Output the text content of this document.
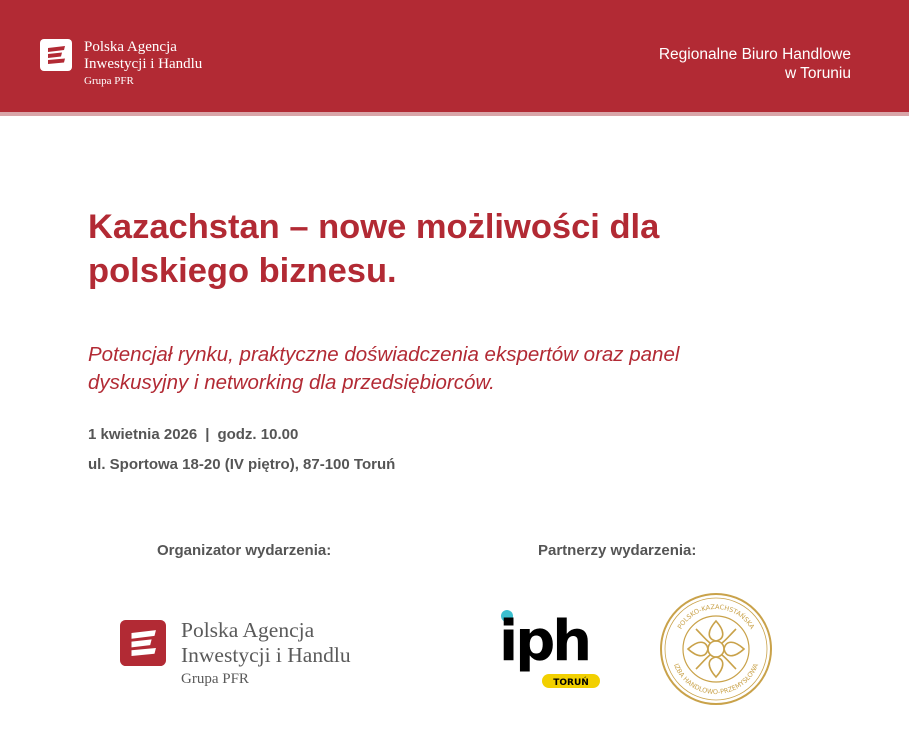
Polska Agencja
Inwestycji i Handlu
Grupa PFR
Regionalne Biuro Handlowe
w Toruniu
Kazachstan – nowe możliwości dla
polskiego biznesu.
Potencjał rynku, praktyczne doświadczenia ekspertów oraz panel
dyskusyjny i networking dla przedsiębiorców.
1 kwietnia 2026 | godz. 10.00
ul. Sportowa 18-20 (IV piętro), 87-100 Toruń
Organizator wydarzenia:	Partnerzy wydarzenia:
Polska Agencja
Inwestycji i Handlu
Grupa PFR
iph
TORUŃ
POLSKO-KAZACHSTAŃSKA
IZBA HANDLOWO-PRZEMYSŁOWA
